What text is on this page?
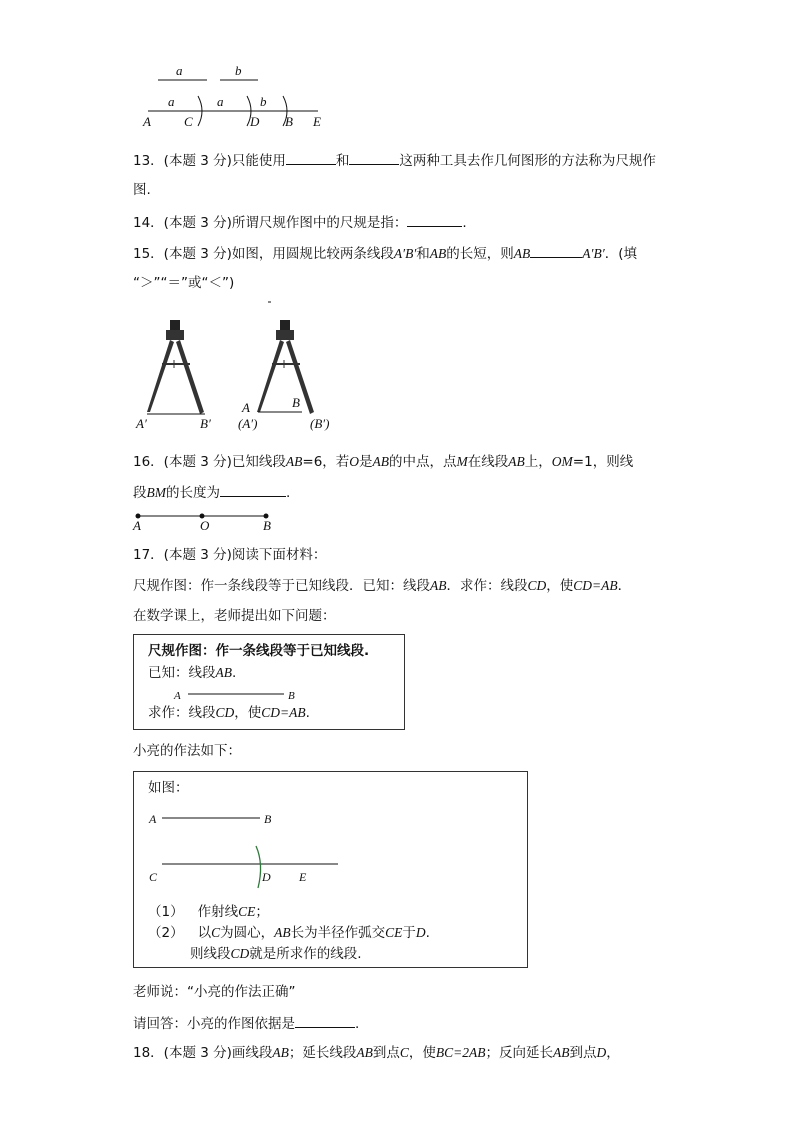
a	b
a	a	b
A	C	D B E
13．(本题 3 分)只能使用	和	这两种工具去作几何图形的方法称为尺规作
图.
14．(本题 3 分)所谓尺规作图中的尺规是指：	.
15．(本题 3 分)如图，用圆规比较两条线段A′B′和AB的长短，则AB	A′B′．(填
“＞”“＝”或“＜”)
A′	B′
A	B
(A′)	(B′)
16．(本题 3 分)已知线段AB=6，若O是AB的中点，点M在线段AB上，OM=1，则线
段BM的长度为	.
A	O	B
17．(本题 3 分)阅读下面材料：
尺规作图：作一条线段等于已知线段．已知：线段AB．求作：线段CD，使CD=AB．
在数学课上，老师提出如下问题：
尺规作图：作一条线段等于已知线段.
已知：线段AB.
A	B
求作：线段CD，使CD=AB.
小亮的作法如下：
如图：
A	B
C	D E
（1） 作射线CE；
（2） 以C为圆心，AB长为半径作弧交CE于D.
则线段CD就是所求作的线段.
老师说：“小亮的作法正确”
请回答：小亮的作图依据是	.
18．(本题 3 分)画线段AB；延长线段AB到点C，使BC=2AB；反向延长AB到点D，
